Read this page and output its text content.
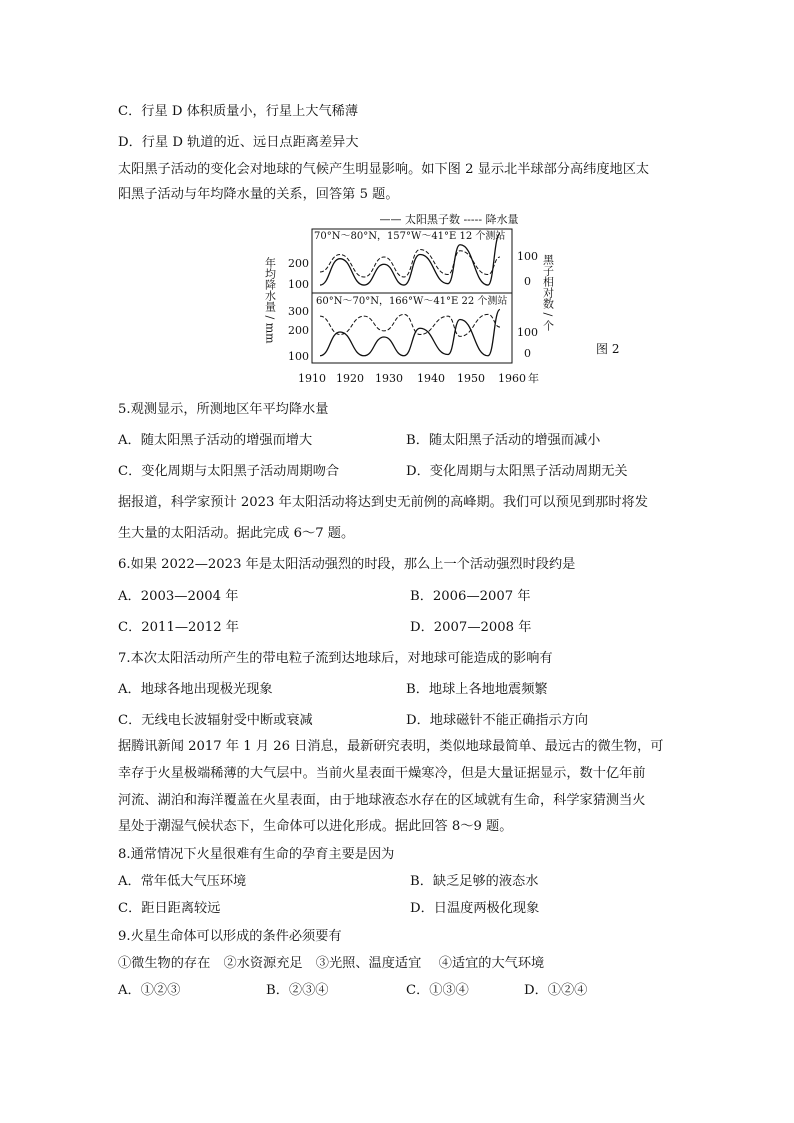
C．行星 D 体积质量小，行星上大气稀薄
D．行星 D 轨道的近、远日点距离差异大
太阳黑子活动的变化会对地球的气候产生明显影响。如下图 2 显示北半球部分高纬度地区太
阳黑子活动与年均降水量的关系，回答第 5 题。
—— 太阳黑子数 ----- 降水量
70°N～80°N，157°W～41°E 12 个测站
60°N～70°N，166°W～41°E 22 个测站
200
100
100
0
300
200
100
100
0
年均降水量 / mm	黑子相对数 / 个
1910 1920 1930 1940 1950 1960 年
图 2
5.观测显示，所测地区年平均降水量
A．随太阳黑子活动的增强而增大	B．随太阳黑子活动的增强而减小
C．变化周期与太阳黑子活动周期吻合	D．变化周期与太阳黑子活动周期无关
据报道，科学家预计 2023 年太阳活动将达到史无前例的高峰期。我们可以预见到那时将发
生大量的太阳活动。据此完成 6～7 题。
6.如果 2022—2023 年是太阳活动强烈的时段，那么上一个活动强烈时段约是
A．2003—2004 年	B．2006—2007 年
C．2011—2012 年	D．2007—2008 年
7.本次太阳活动所产生的带电粒子流到达地球后，对地球可能造成的影响有
A．地球各地出现极光现象	B．地球上各地地震频繁
C．无线电长波辐射受中断或衰减	D．地球磁针不能正确指示方向
据腾讯新闻 2017 年 1 月 26 日消息，最新研究表明，类似地球最简单、最远古的微生物，可
幸存于火星极端稀薄的大气层中。当前火星表面干燥寒冷，但是大量证据显示，数十亿年前
河流、湖泊和海洋覆盖在火星表面，由于地球液态水存在的区域就有生命，科学家猜测当火
星处于潮湿气候状态下，生命体可以进化形成。据此回答 8～9 题。
8.通常情况下火星很难有生命的孕育主要是因为
A．常年低大气压环境	B．缺乏足够的液态水
C．距日距离较远	D．日温度两极化现象
9.火星生命体可以形成的条件必须要有
①微生物的存在　②水资源充足　③光照、温度适宜　 ④适宜的大气环境
A．①②③	B．②③④	C．①③④	D．①②④
